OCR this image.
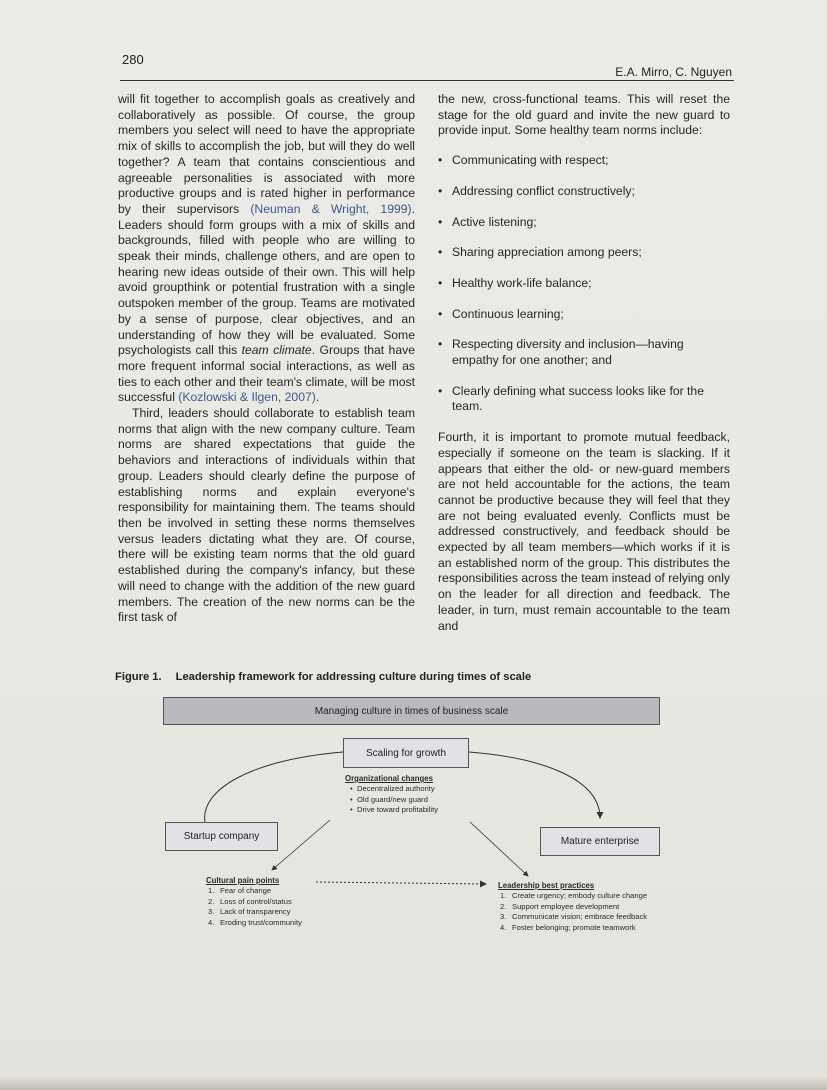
280
E.A. Mirro, C. Nguyen

will fit together to accomplish goals as creatively and collaboratively as possible. Of course, the group members you select will need to have the appropriate mix of skills to accomplish the job, but will they do well together? A team that contains conscientious and agreeable personalities is associated with more productive groups and is rated higher in performance by their supervisors (Neuman & Wright, 1999). Leaders should form groups with a mix of skills and backgrounds, filled with people who are willing to speak their minds, challenge others, and are open to hearing new ideas outside of their own. This will help avoid groupthink or potential frustration with a single outspoken member of the group. Teams are motivated by a sense of purpose, clear objectives, and an understanding of how they will be evaluated. Some psychologists call this team climate. Groups that have more frequent informal social interactions, as well as ties to each other and their team's climate, will be most successful (Kozlowski & Ilgen, 2007).

Third, leaders should collaborate to establish team norms that align with the new company culture. Team norms are shared expectations that guide the behaviors and interactions of individuals within that group. Leaders should clearly define the purpose of establishing norms and explain everyone's responsibility for maintaining them. The teams should then be involved in setting these norms themselves versus leaders dictating what they are. Of course, there will be existing team norms that the old guard established during the company's infancy, but these will need to change with the addition of the new guard members. The creation of the new norms can be the first task of

the new, cross-functional teams. This will reset the stage for the old guard and invite the new guard to provide input. Some healthy team norms include:

• Communicating with respect;
• Addressing conflict constructively;
• Active listening;
• Sharing appreciation among peers;
• Healthy work-life balance;
• Continuous learning;
• Respecting diversity and inclusion—having empathy for one another; and
• Clearly defining what success looks like for the team.

Fourth, it is important to promote mutual feedback, especially if someone on the team is slacking. If it appears that either the old- or new-guard members are not held accountable for the actions, the team cannot be productive because they will feel that they are not being evaluated evenly. Conflicts must be addressed constructively, and feedback should be expected by all team members—which works if it is an established norm of the group. This distributes the responsibilities across the team instead of relying only on the leader for all direction and feedback. The leader, in turn, must remain accountable to the team and

Figure 1. Leadership framework for addressing culture during times of scale
Managing culture in times of business scale
Scaling for growth
Startup company	Mature enterprise
Organizational changes
• Decentralized authority
• Old guard/new guard
• Drive toward profitability
Cultural pain points
1. Fear of change
2. Loss of control/status
3. Lack of transparency
4. Eroding trust/community
Leadership best practices
1. Create urgency; embody culture change
2. Support employee development
3. Communicate vision; embrace feedback
4. Foster belonging; promote teamwork
